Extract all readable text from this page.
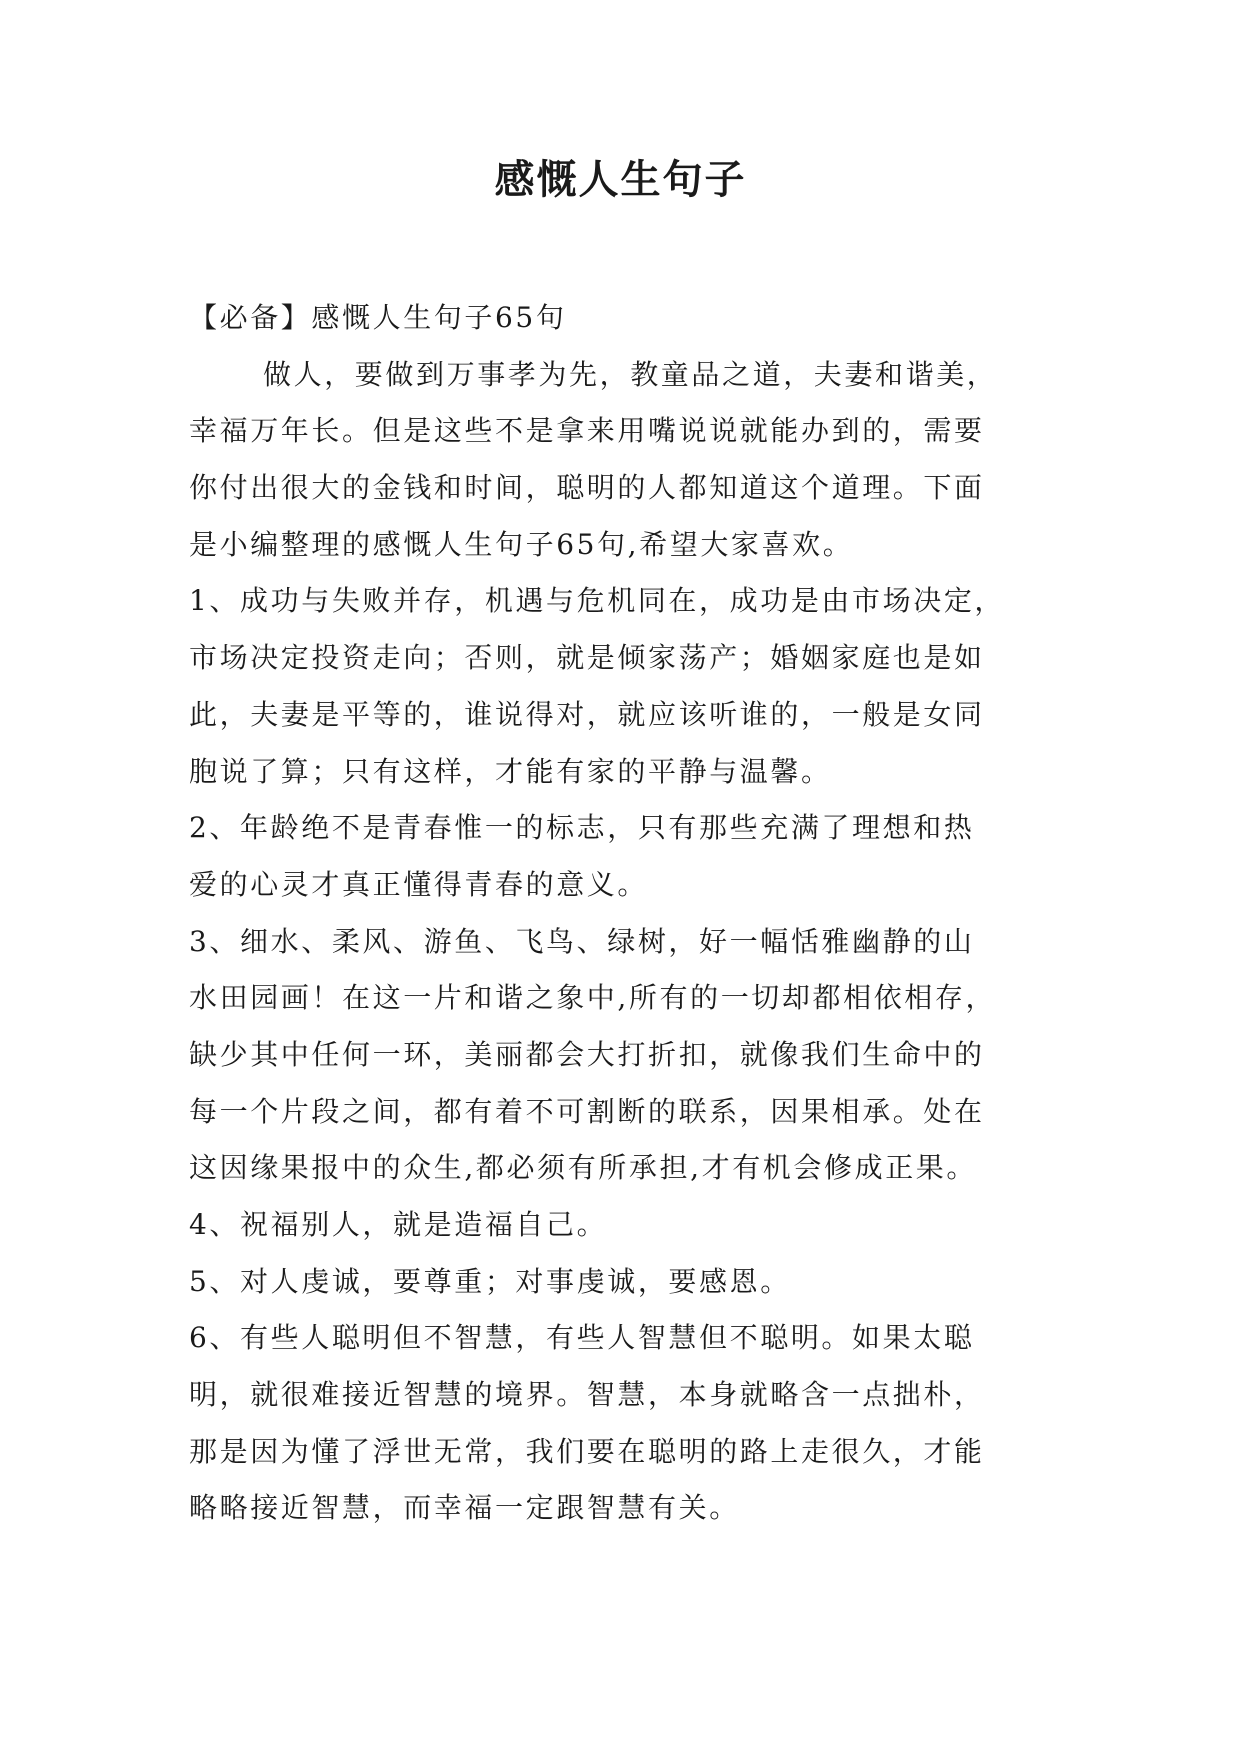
感慨人生句子
【必备】感慨人生句子65句
做人，要做到万事孝为先，教童品之道，夫妻和谐美，
幸福万年长。但是这些不是拿来用嘴说说就能办到的，需要
你付出很大的金钱和时间，聪明的人都知道这个道理。下面
是小编整理的感慨人生句子65句,希望大家喜欢。
1、成功与失败并存，机遇与危机同在，成功是由市场决定，
市场决定投资走向；否则，就是倾家荡产；婚姻家庭也是如
此，夫妻是平等的，谁说得对，就应该听谁的，一般是女同
胞说了算；只有这样，才能有家的平静与温馨。
2、年龄绝不是青春惟一的标志，只有那些充满了理想和热
爱的心灵才真正懂得青春的意义。
3、细水、柔风、游鱼、飞鸟、绿树，好一幅恬雅幽静的山
水田园画！在这一片和谐之象中,所有的一切却都相依相存，
缺少其中任何一环，美丽都会大打折扣，就像我们生命中的
每一个片段之间，都有着不可割断的联系，因果相承。处在
这因缘果报中的众生,都必须有所承担,才有机会修成正果。
4、祝福别人，就是造福自己。
5、对人虔诚，要尊重；对事虔诚，要感恩。
6、有些人聪明但不智慧，有些人智慧但不聪明。如果太聪
明，就很难接近智慧的境界。智慧，本身就略含一点拙朴，
那是因为懂了浮世无常，我们要在聪明的路上走很久，才能
略略接近智慧，而幸福一定跟智慧有关。
